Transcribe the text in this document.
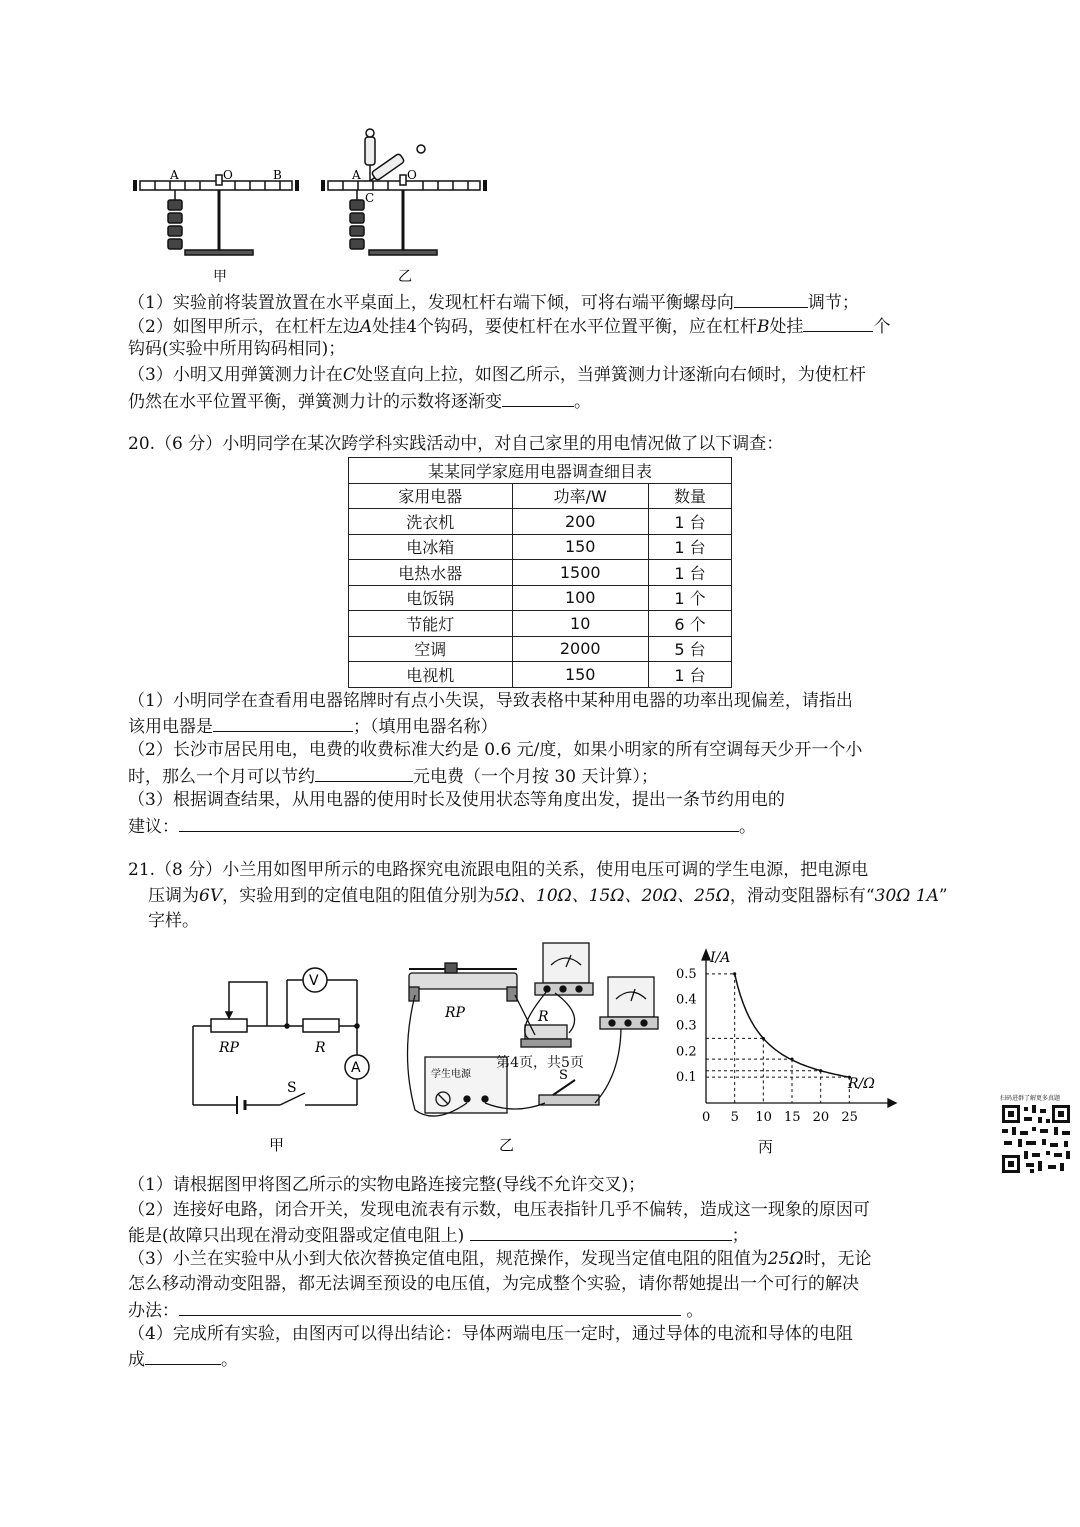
A	O	B
甲
A	O
C
乙
（1）实验前将装置放置在水平桌面上，发现杠杆右端下倾，可将右端平衡螺母向	调节；
（2）如图甲所示，在杠杆左边A处挂4个钩码，要使杠杆在水平位置平衡，应在杠杆B处挂	个
钩码(实验中所用钩码相同)；
（3）小明又用弹簧测力计在C处竖直向上拉，如图乙所示，当弹簧测力计逐渐向右倾时，为使杠杆
仍然在水平位置平衡，弹簧测力计的示数将逐渐变	。
20.（6 分）小明同学在某次跨学科实践活动中，对自己家里的用电情况做了以下调查：
某某同学家庭用电器调查细目表		
家用电器	功率/W	数量
洗衣机	200	1 台
电冰箱	150	1 台
电热水器	1500	1 台
电饭锅	100	1 个
节能灯	10	6 个
空调	2000	5 台
电视机	150	1 台
（1）小明同学在查看用电器铭牌时有点小失误，导致表格中某种用电器的功率出现偏差，请指出
该用电器是	；（填用电器名称）
（2）长沙市居民用电，电费的收费标准大约是 0.6 元/度，如果小明家的所有空调每天少开一个小
时，那么一个月可以节约	元电费（一个月按 30 天计算）；
（3）根据调查结果，从用电器的使用时长及使用状态等角度出发，提出一条节约用电的
建议：	。
21.（8 分）小兰用如图甲所示的电路探究电流跟电阻的关系，使用电压可调的学生电源，把电源电
压调为6V，实验用到的定值电阻的阻值分别为5Ω、10Ω、15Ω、20Ω、25Ω，滑动变阻器标有“30Ω 1A”
字样。
V
A
RP	R
S
甲
RP	R
S
学生电源
乙
0 5 10 15 20 25
0.1
0.2
0.3
0.4
0.5
I/A
R/Ω
丙
（1）请根据图甲将图乙所示的实物电路连接完整(导线不允许交叉)；
（2）连接好电路，闭合开关，发现电流表有示数，电压表指针几乎不偏转，造成这一现象的原因可
能是(故障只出现在滑动变阻器或定值电阻上)	；
（3）小兰在实验中从小到大依次替换定值电阻，规范操作，发现当定值电阻的阻值为25Ω时，无论
怎么移动滑动变阻器，都无法调至预设的电压值，为完成整个实验，请你帮她提出一个可行的解决
办法：	。
（4）完成所有实验，由图丙可以得出结论：导体两端电压一定时，通过导体的电流和导体的电阻
成	。
第4页，共5页
扫码进群了解更多真题
